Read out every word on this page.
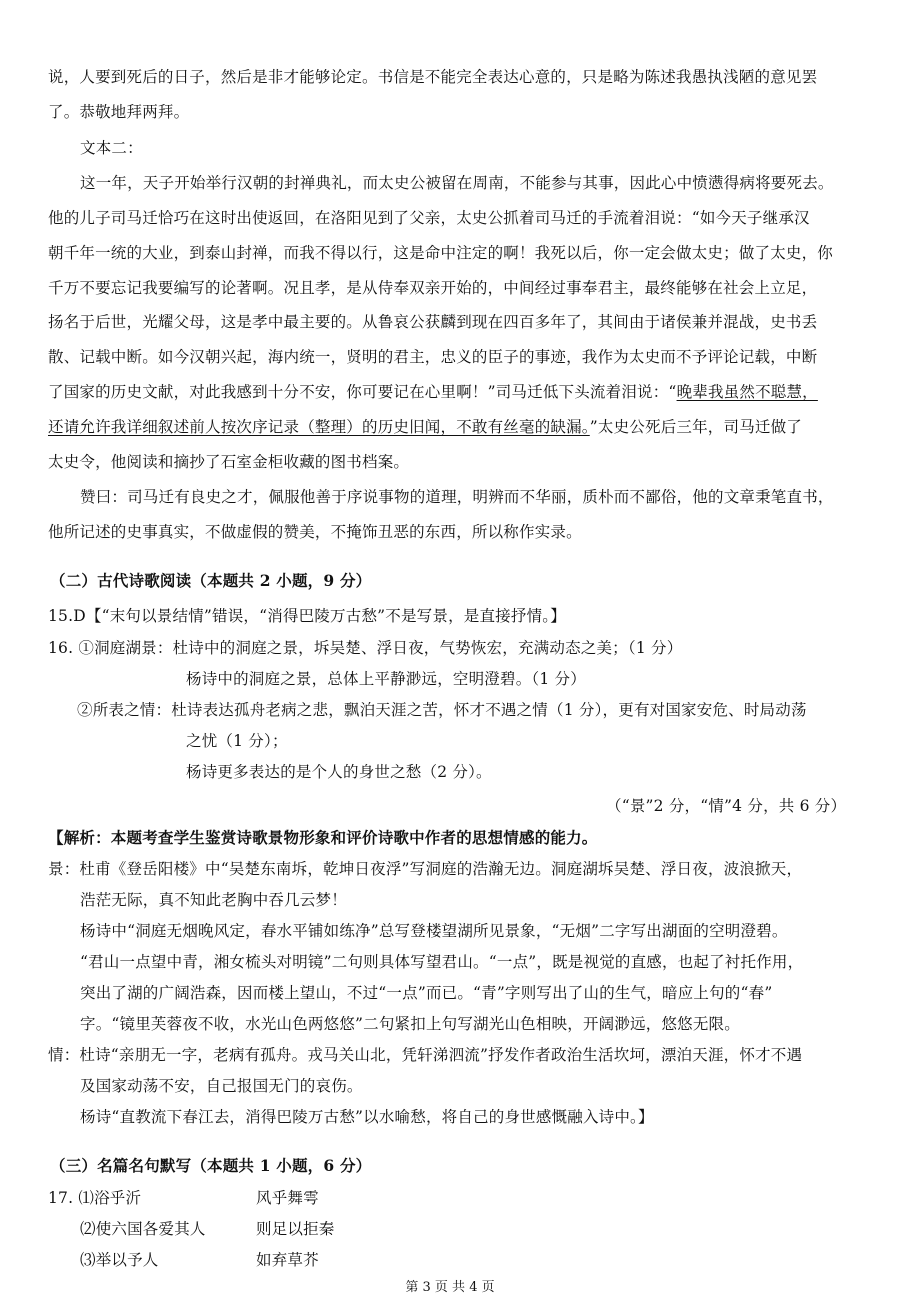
说，人要到死后的日子，然后是非才能够论定。书信是不能完全表达心意的，只是略为陈述我愚执浅陋的意见罢
了。恭敬地拜两拜。
文本二：
这一年，天子开始举行汉朝的封禅典礼，而太史公被留在周南，不能参与其事，因此心中愤懑得病将要死去。
他的儿子司马迁恰巧在这时出使返回，在洛阳见到了父亲，太史公抓着司马迁的手流着泪说：“如今天子继承汉
朝千年一统的大业，到泰山封禅，而我不得以行，这是命中注定的啊！我死以后，你一定会做太史；做了太史，你
千万不要忘记我要编写的论著啊。况且孝，是从侍奉双亲开始的，中间经过事奉君主，最终能够在社会上立足，
扬名于后世，光耀父母，这是孝中最主要的。从鲁哀公获麟到现在四百多年了，其间由于诸侯兼并混战，史书丢
散、记载中断。如今汉朝兴起，海内统一，贤明的君主，忠义的臣子的事迹，我作为太史而不予评论记载，中断
了国家的历史文献，对此我感到十分不安，你可要记在心里啊！”司马迁低下头流着泪说：“晚辈我虽然不聪慧，
还请允许我详细叙述前人按次序记录（整理）的历史旧闻，不敢有丝毫的缺漏。”太史公死后三年，司马迁做了
太史令，他阅读和摘抄了石室金柜收藏的图书档案。
赞曰：司马迁有良史之才，佩服他善于序说事物的道理，明辨而不华丽，质朴而不鄙俗，他的文章秉笔直书，
他所记述的史事真实，不做虚假的赞美，不掩饰丑恶的东西，所以称作实录。
（二）古代诗歌阅读（本题共 2 小题，9 分）
15.D【“末句以景结情”错误，“消得巴陵万古愁”不是写景，是直接抒情。】
16. ①洞庭湖景：杜诗中的洞庭之景，坼吴楚、浮日夜，气势恢宏，充满动态之美；（1 分）
杨诗中的洞庭之景，总体上平静渺远，空明澄碧。（1 分）
②所表之情：杜诗表达孤舟老病之悲，飘泊天涯之苦，怀才不遇之情（1 分），更有对国家安危、时局动荡
之忧（1 分）；
杨诗更多表达的是个人的身世之愁（2 分）。
（“景”2 分，“情”4 分，共 6 分）
【解析：本题考查学生鉴赏诗歌景物形象和评价诗歌中作者的思想情感的能力。
景：杜甫《登岳阳楼》中“吴楚东南坼，乾坤日夜浮”写洞庭的浩瀚无边。洞庭湖坼吴楚、浮日夜，波浪掀天，
浩茫无际，真不知此老胸中吞几云梦！
杨诗中“洞庭无烟晚风定，春水平铺如练净”总写登楼望湖所见景象，“无烟”二字写出湖面的空明澄碧。
“君山一点望中青，湘女梳头对明镜”二句则具体写望君山。“一点”，既是视觉的直感，也起了衬托作用，
突出了湖的广阔浩森，因而楼上望山，不过“一点”而已。“青”字则写出了山的生气，暗应上句的“春”
字。“镜里芙蓉夜不收，水光山色两悠悠”二句紧扣上句写湖光山色相映，开阔渺远，悠悠无限。
情：杜诗“亲朋无一字，老病有孤舟。戎马关山北，凭轩涕泗流”抒发作者政治生活坎坷，漂泊天涯，怀才不遇
及国家动荡不安，自己报国无门的哀伤。
杨诗“直教流下春江去，消得巴陵万古愁”以水喻愁，将自己的身世感慨融入诗中。】
（三）名篇名句默写（本题共 1 小题，6 分）
17. ⑴浴乎沂	风乎舞雩
⑵使六国各爱其人	则足以拒秦
⑶举以予人	如弃草芥
第 3 页 共 4 页
